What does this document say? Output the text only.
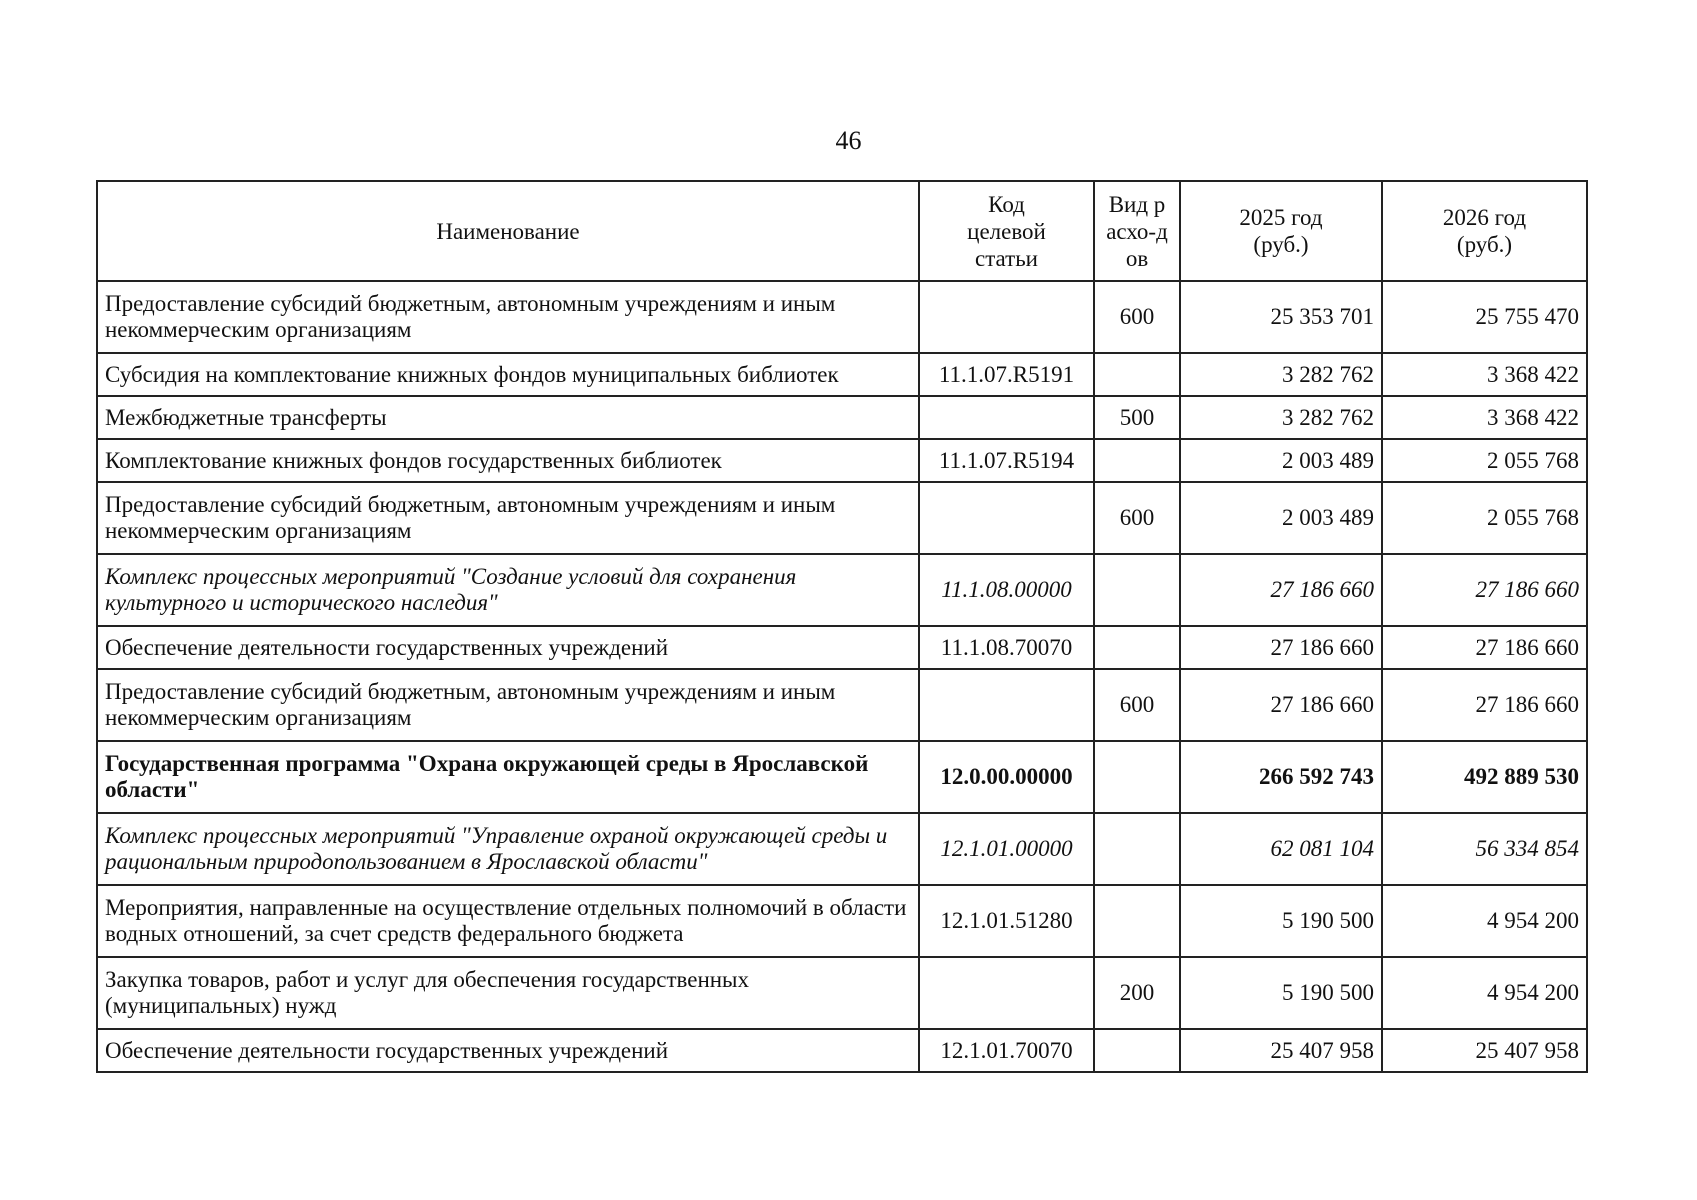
46
Наименование	Код целевой статьи	Вид расхо-дов	2025 год (руб.)	2026 год (руб.)
Предоставление субсидий бюджетным, автономным учреждениям и иным некоммерческим организациям		600	25 353 701	25 755 470
Субсидия на комплектование книжных фондов муниципальных библиотек	11.1.07.R5191		3 282 762	3 368 422
Межбюджетные трансферты		500	3 282 762	3 368 422
Комплектование книжных фондов государственных библиотек	11.1.07.R5194		2 003 489	2 055 768
Предоставление субсидий бюджетным, автономным учреждениям и иным некоммерческим организациям		600	2 003 489	2 055 768
Комплекс процессных мероприятий "Создание условий для сохранения культурного и исторического наследия"	11.1.08.00000		27 186 660	27 186 660
Обеспечение деятельности государственных учреждений	11.1.08.70070		27 186 660	27 186 660
Предоставление субсидий бюджетным, автономным учреждениям и иным некоммерческим организациям		600	27 186 660	27 186 660
Государственная программа "Охрана окружающей среды в Ярославской области"	12.0.00.00000		266 592 743	492 889 530
Комплекс процессных мероприятий "Управление охраной окружающей среды и рациональным природопользованием в Ярославской области"	12.1.01.00000		62 081 104	56 334 854
Мероприятия, направленные на осуществление отдельных полномочий в области водных отношений, за счет средств федерального бюджета	12.1.01.51280		5 190 500	4 954 200
Закупка товаров, работ и услуг для обеспечения государственных (муниципальных) нужд		200	5 190 500	4 954 200
Обеспечение деятельности государственных учреждений	12.1.01.70070		25 407 958	25 407 958
